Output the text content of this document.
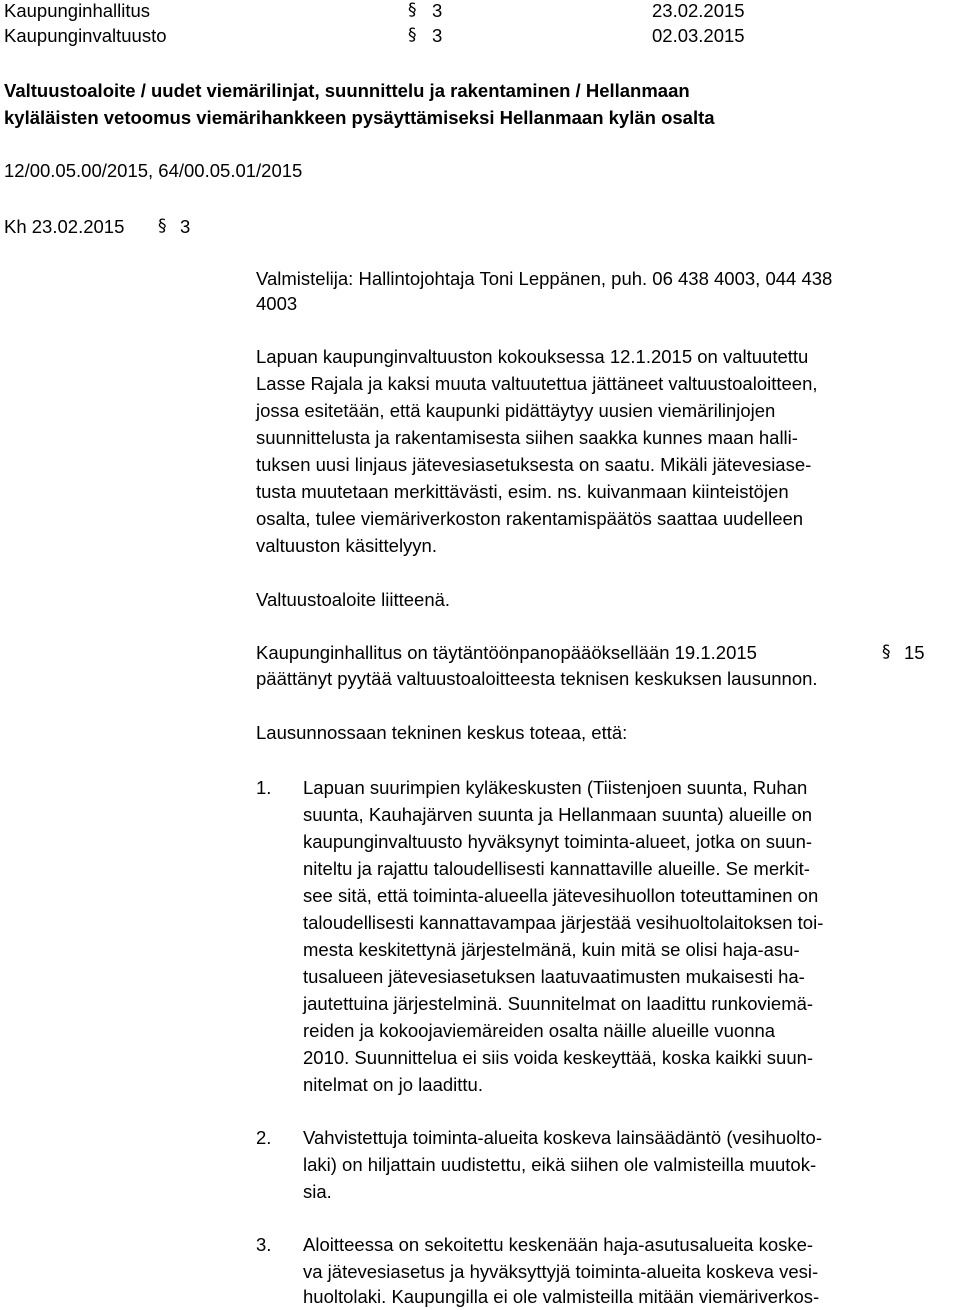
Kaupunginhallitus	§ 3	23.02.2015
Kaupunginvaltuusto	§ 3	02.03.2015
Valtuustoaloite / uudet viemärilinjat, suunnittelu ja rakentaminen / Hellanmaan
kyläläisten vetoomus viemärihankkeen pysäyttämiseksi Hellanmaan kylän osalta
12/00.05.00/2015, 64/00.05.01/2015
Kh 23.02.2015 § 3
Valmistelija: Hallintojohtaja Toni Leppänen, puh. 06 438 4003, 044 438
4003
Lapuan kaupunginvaltuuston kokouksessa 12.1.2015 on valtuutettu
Lasse Rajala ja kaksi muuta valtuutettua jättäneet valtuustoaloitteen,
jossa esitetään, että kaupunki pidättäytyy uusien viemärilinjojen
suunnittelusta ja rakentamisesta siihen saakka kunnes maan halli-
tuksen uusi linjaus jätevesiasetuksesta on saatu. Mikäli jätevesiase-
tusta muutetaan merkittävästi, esim. ns. kuivanmaan kiinteistöjen
osalta, tulee viemäriverkoston rakentamispäätös saattaa uudelleen
valtuuston käsittelyyn.
Valtuustoaloite liitteenä.
Kaupunginhallitus on täytäntöönpanopääöksellään 19.1.2015	§ 15
päättänyt pyytää valtuustoaloitteesta teknisen keskuksen lausunnon.
Lausunnossaan tekninen keskus toteaa, että:
1. Lapuan suurimpien kyläkeskusten (Tiistenjoen suunta, Ruhan
suunta, Kauhajärven suunta ja Hellanmaan suunta) alueille on
kaupunginvaltuusto hyväksynyt toiminta-alueet, jotka on suun-
niteltu ja rajattu taloudellisesti kannattaville alueille. Se merkit-
see sitä, että toiminta-alueella jätevesihuollon toteuttaminen on
taloudellisesti kannattavampaa järjestää vesihuoltolaitoksen toi-
mesta keskitettynä järjestelmänä, kuin mitä se olisi haja-asu-
tusalueen jätevesiasetuksen laatuvaatimusten mukaisesti ha-
jautettuina järjestelminä. Suunnitelmat on laadittu runkoviemä-
reiden ja kokoojaviemäreiden osalta näille alueille vuonna
2010. Suunnittelua ei siis voida keskeyttää, koska kaikki suun-
nitelmat on jo laadittu.
2. Vahvistettuja toiminta-alueita koskeva lainsäädäntö (vesihuolto-
laki) on hiljattain uudistettu, eikä siihen ole valmisteilla muutok-
sia.
3. Aloitteessa on sekoitettu keskenään haja-asutusalueita koske-
va jätevesiasetus ja hyväksyttyjä toiminta-alueita koskeva vesi-
huoltolaki. Kaupungilla ei ole valmisteilla mitään viemäriverkos-
